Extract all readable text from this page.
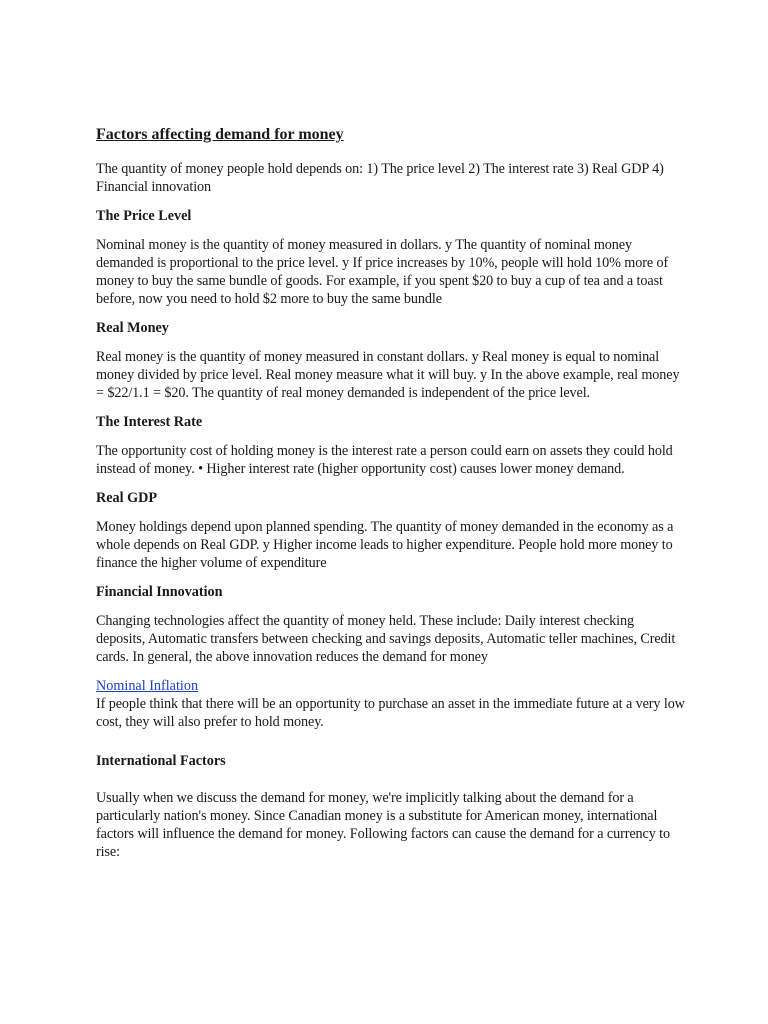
Factors affecting demand for money

The quantity of money people hold depends on: 1) The price level 2) The interest rate 3) Real GDP 4) Financial innovation

The Price Level

Nominal money is the quantity of money measured in dollars. y The quantity of nominal money demanded is proportional to the price level. y If price increases by 10%, people will hold 10% more of money to buy the same bundle of goods. For example, if you spent $20 to buy a cup of tea and a toast before, now you need to hold $2 more to buy the same bundle

Real Money

Real money is the quantity of money measured in constant dollars. y Real money is equal to nominal money divided by price level. Real money measure what it will buy. y In the above example, real money = $22/1.1 = $20. The quantity of real money demanded is independent of the price level.

The Interest Rate

The opportunity cost of holding money is the interest rate a person could earn on assets they could hold instead of money. • Higher interest rate (higher opportunity cost) causes lower money demand.

Real GDP

Money holdings depend upon planned spending. The quantity of money demanded in the economy as a whole depends on Real GDP. y Higher income leads to higher expenditure. People hold more money to finance the higher volume of expenditure

Financial Innovation

Changing technologies affect the quantity of money held. These include: Daily interest checking deposits, Automatic transfers between checking and savings deposits, Automatic teller machines, Credit cards. In general, the above innovation reduces the demand for money

Nominal Inflation

If people think that there will be an opportunity to purchase an asset in the immediate future at a very low cost, they will also prefer to hold money.

International Factors

Usually when we discuss the demand for money, we're implicitly talking about the demand for a particularly nation's money. Since Canadian money is a substitute for American money, international factors will influence the demand for money. Following factors can cause the demand for a currency to rise:
